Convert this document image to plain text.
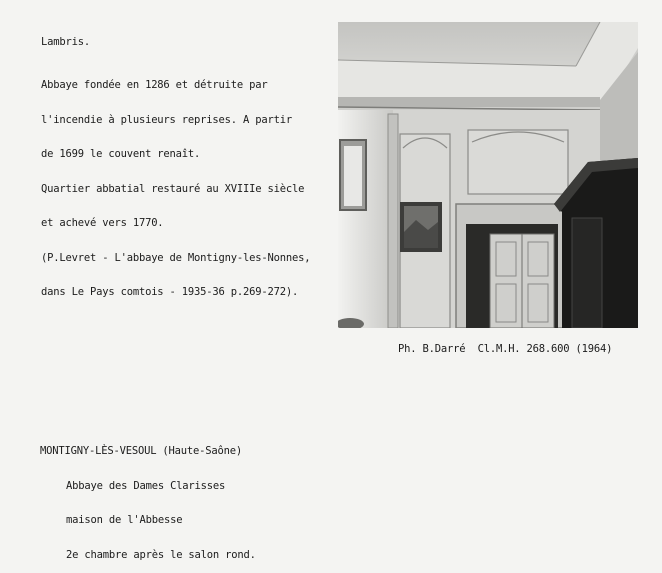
Lambris.

Abbaye fondée en 1286 et détruite par

l'incendie à plusieurs reprises. A partir

de 1699 le couvent renaît.

Quartier abbatial restauré au XVIIIe siècle

et achevé vers 1770.

(P.Levret - L'abbaye de Montigny-les-Nonnes,

dans Le Pays comtois - 1935-36 p.269-272).

Ph. B.Darré  Cl.M.H. 268.600 (1964)

MONTIGNY-LÈS-VESOUL (Haute-Saône)

Abbaye des Dames Clarisses

maison de l'Abbesse

2e chambre après le salon rond.
